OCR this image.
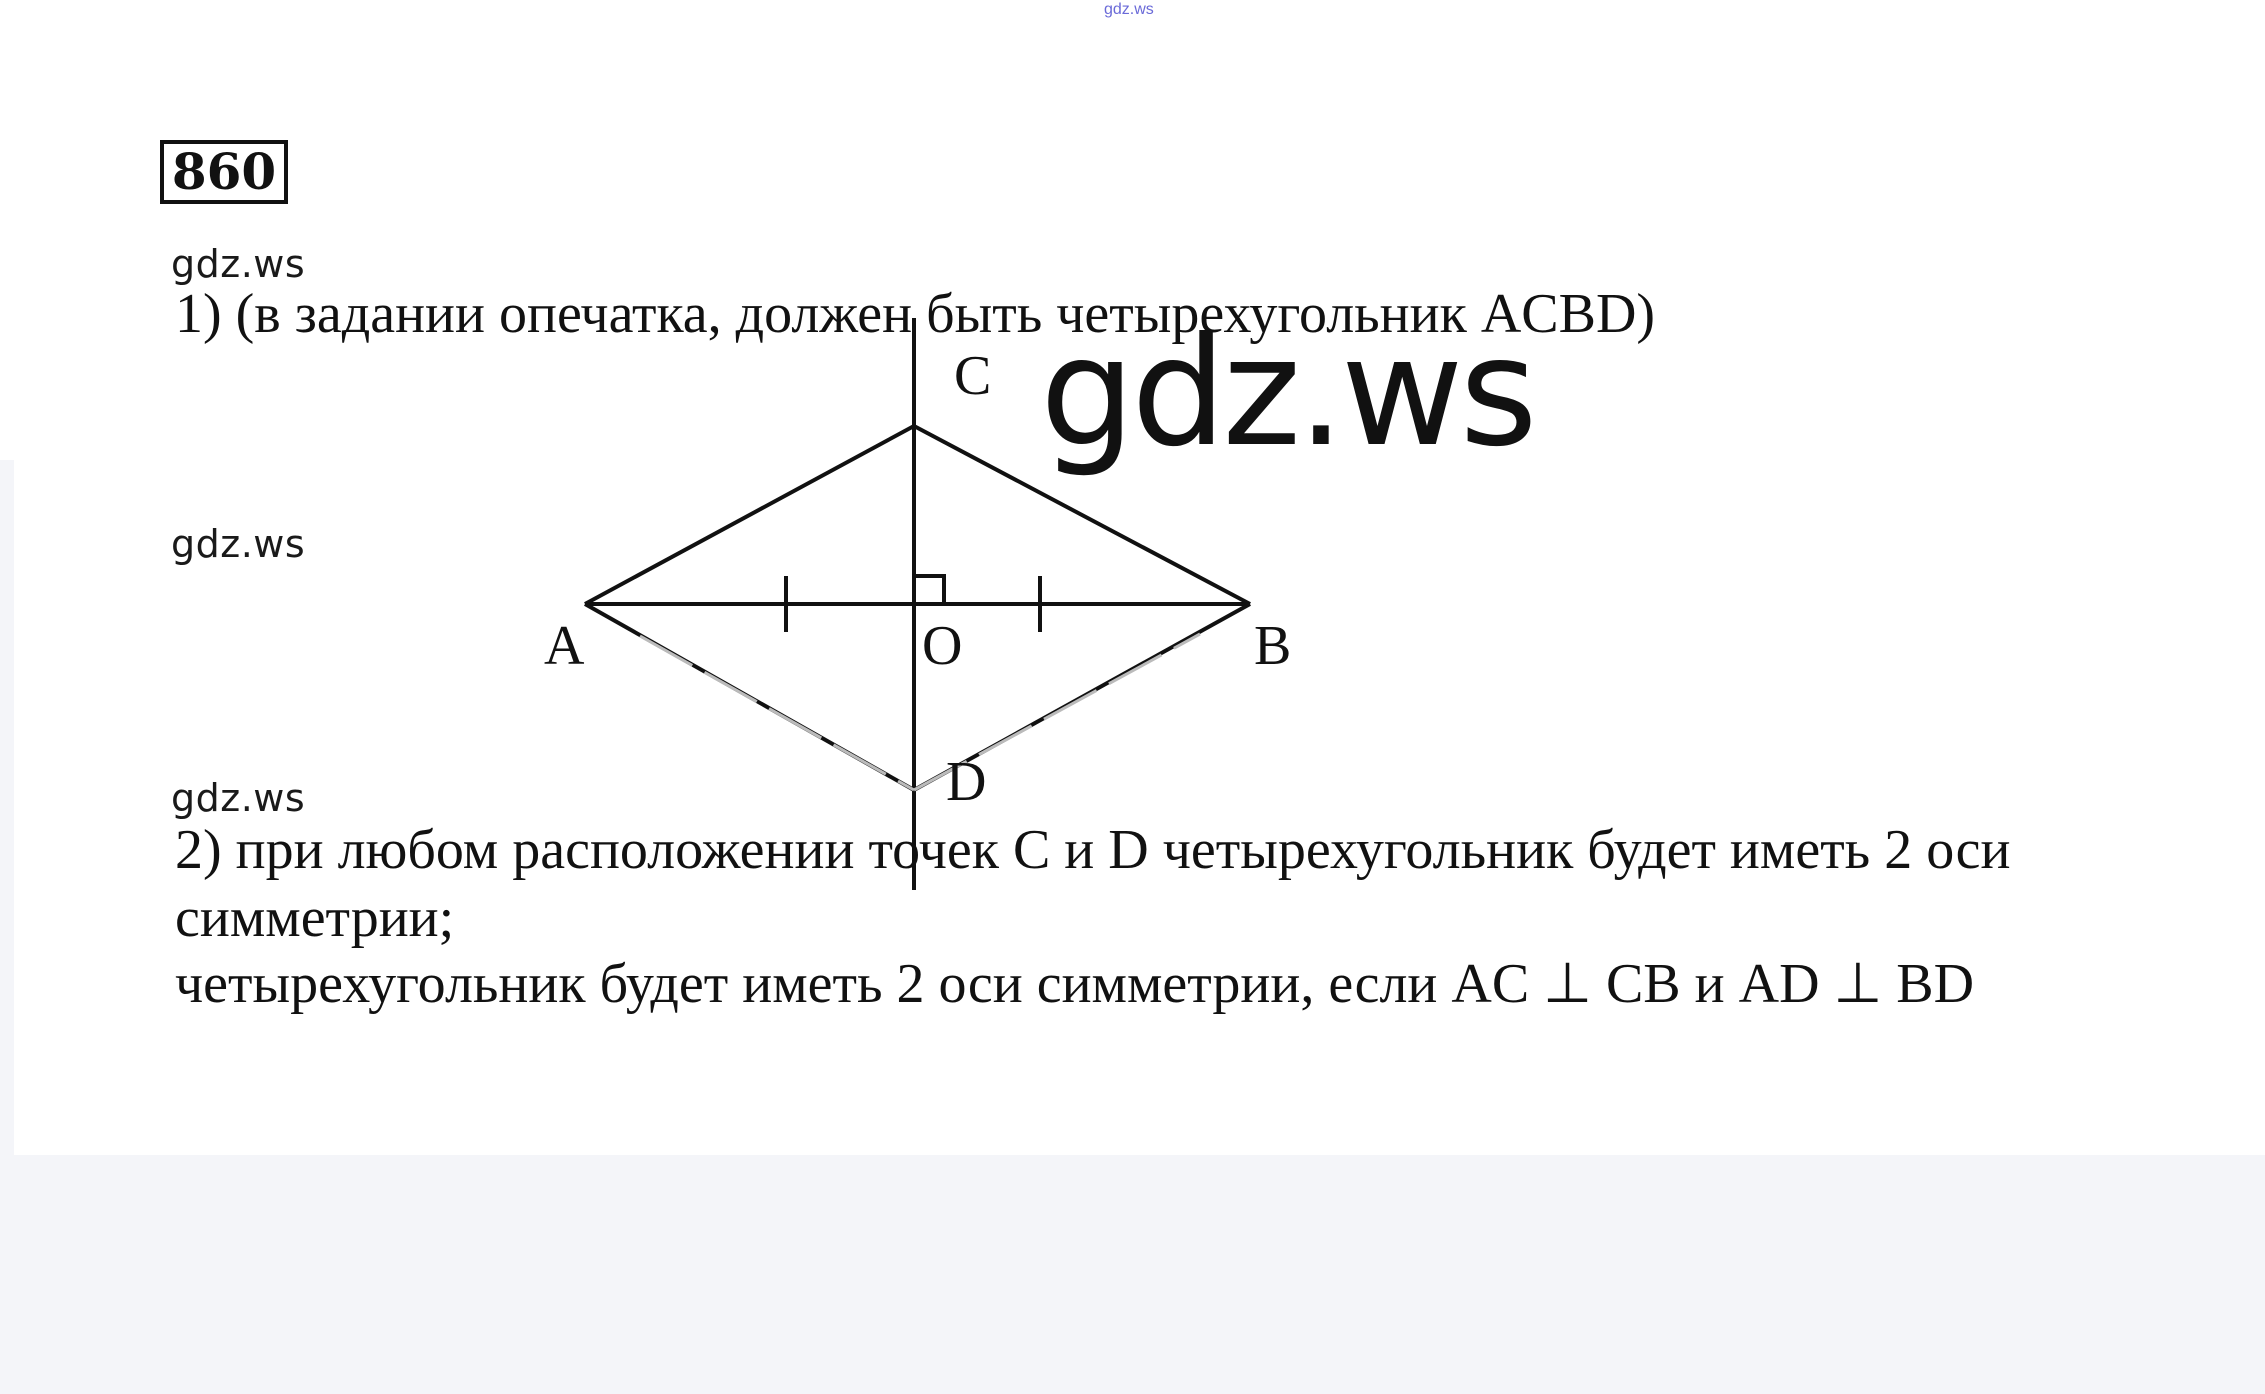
gdz.ws
860
gdz.ws
gdz.ws
gdz.ws
1) (в задании опечатка, должен быть четырехугольник ACBD)
C
A	O	B
D
gdz.ws
2) при любом расположении точек C и D четырехугольник будет иметь 2 оси
симметрии;
четырехугольник будет иметь 2 оси симметрии, если AC ⊥ CB и AD ⊥ BD
